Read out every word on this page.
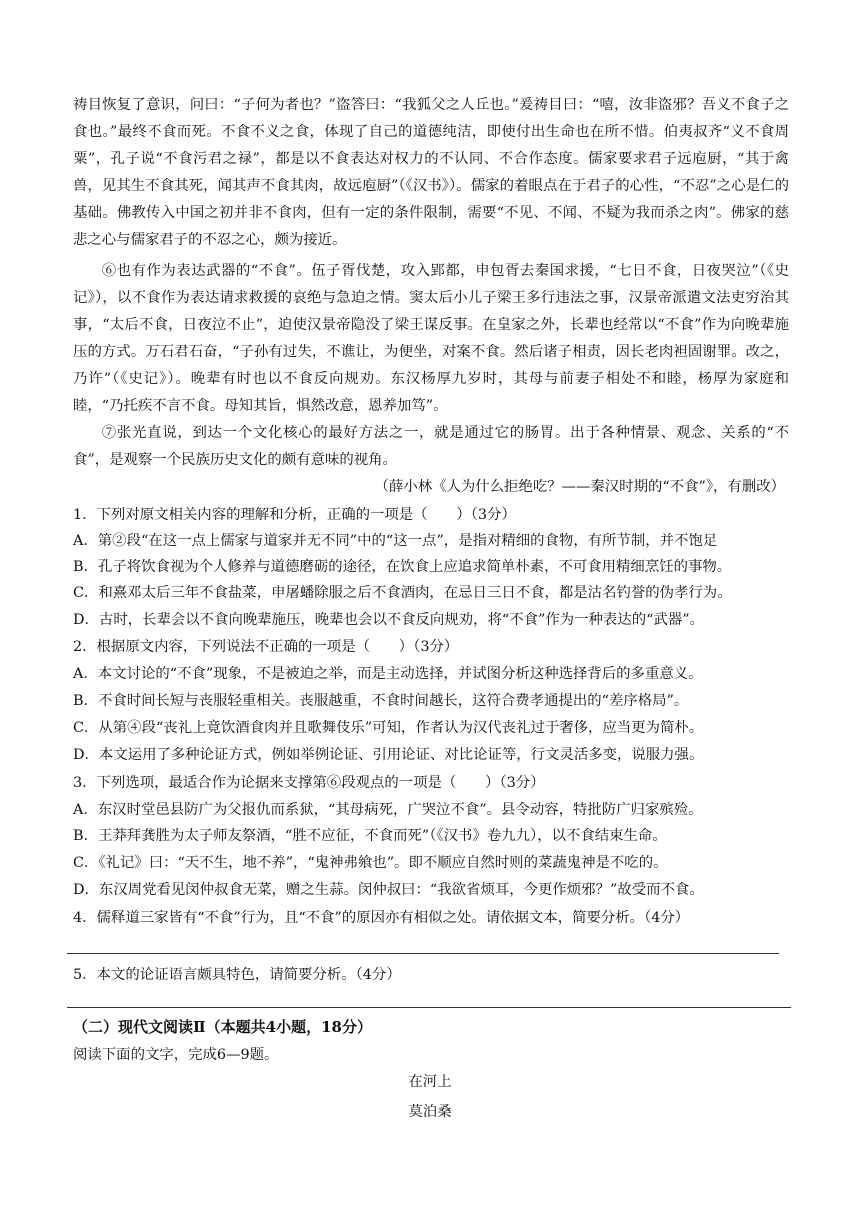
祷目恢复了意识，问曰：“子何为者也？”盗答曰：“我狐父之人丘也。”爰祷目曰：“嘻，汝非盗邪？吾义不食子之食也。”最终不食而死。不食不义之食，体现了自己的道德纯洁，即使付出生命也在所不惜。伯夷叔齐“义不食周粟”，孔子说“不食污君之禄”，都是以不食表达对权力的不认同、不合作态度。儒家要求君子远庖厨，“其于禽兽，见其生不食其死，闻其声不食其肉，故远庖厨”（《汉书》）。儒家的着眼点在于君子的心性，“不忍”之心是仁的基础。佛教传入中国之初并非不食肉，但有一定的条件限制，需要“不见、不闻、不疑为我而杀之肉”。佛家的慈悲之心与儒家君子的不忍之心，颇为接近。

⑥也有作为表达武器的“不食”。伍子胥伐楚，攻入郢都，申包胥去秦国求援，“七日不食，日夜哭泣”（《史记》），以不食作为表达请求救援的哀绝与急迫之情。窦太后小儿子梁王多行违法之事，汉景帝派遣文法吏穷治其事，“太后不食，日夜泣不止”，迫使汉景帝隐没了梁王谋反事。在皇家之外，长辈也经常以“不食”作为向晚辈施压的方式。万石君石奋，“子孙有过失，不谯让，为便坐，对案不食。然后诸子相责，因长老肉袒固谢罪。改之，乃许”（《史记》）。晚辈有时也以不食反向规劝。东汉杨厚九岁时，其母与前妻子相处不和睦，杨厚为家庭和睦，“乃托疾不言不食。母知其旨，惧然改意，恩养加笃”。

⑦张光直说，到达一个文化核心的最好方法之一，就是通过它的肠胃。出于各种情景、观念、关系的“不食”，是观察一个民族历史文化的颇有意味的视角。

（薛小林《人为什么拒绝吃？——秦汉时期的“不食”》，有删改）
1．下列对原文相关内容的理解和分析，正确的一项是（　　）（3分）
A．第②段“在这一点上儒家与道家并无不同”中的“这一点”，是指对精细的食物，有所节制，并不饱足
B．孔子将饮食视为个人修养与道德磨砺的途径，在饮食上应追求简单朴素，不可食用精细烹饪的事物。
C．和熹邓太后三年不食盐菜，申屠蟠除服之后不食酒肉，在忌日三日不食，都是沽名钓誉的伪孝行为。
D．古时，长辈会以不食向晚辈施压，晚辈也会以不食反向规劝，将“不食”作为一种表达的“武器”。
2．根据原文内容，下列说法不正确的一项是（　　）（3分）
A．本文讨论的“不食”现象，不是被迫之举，而是主动选择，并试图分析这种选择背后的多重意义。
B．不食时间长短与丧服轻重相关。丧服越重，不食时间越长，这符合费孝通提出的“差序格局”。
C．从第④段“丧礼上竟饮酒食肉并且歌舞伎乐”可知，作者认为汉代丧礼过于奢侈，应当更为简朴。
D．本文运用了多种论证方式，例如举例论证、引用论证、对比论证等，行文灵活多变，说服力强。
3．下列选项，最适合作为论据来支撑第⑥段观点的一项是（　　）（3分）
A．东汉时堂邑县防广为父报仇而系狱，“其母病死，广哭泣不食”。县令动容，特批防广归家殡殓。
B．王莽拜龚胜为太子师友祭酒，“胜不应征，不食而死”（《汉书》卷九九），以不食结束生命。
C．《礼记》曰：“天不生，地不养”，“鬼神弗飨也”。即不顺应自然时则的菜蔬鬼神是不吃的。
D．东汉周党看见闵仲叔食无菜，赠之生蒜。闵仲叔曰：“我欲省烦耳，今更作烦邪？”故受而不食。
4．儒释道三家皆有“不食”行为，且“不食”的原因亦有相似之处。请依据文本，简要分析。（4分）
5．本文的论证语言颇具特色，请简要分析。（4分）
（二）现代文阅读Ⅱ（本题共4小题，18分）
阅读下面的文字，完成6—9题。
在河上
莫泊桑
